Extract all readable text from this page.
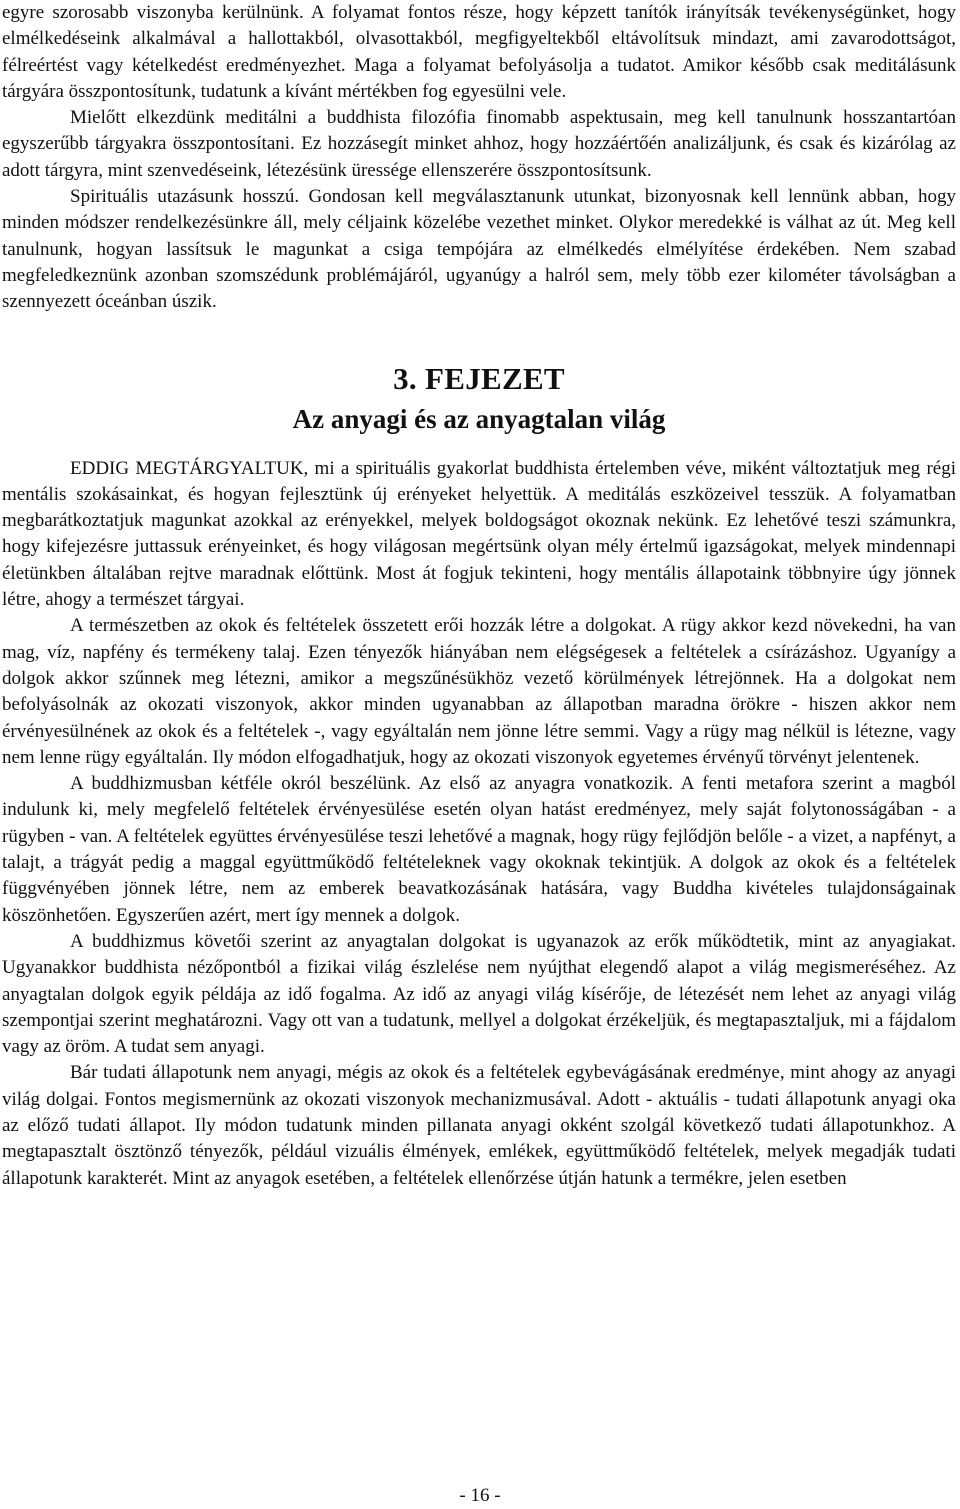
egyre szorosabb viszonyba kerülnünk. A folyamat fontos része, hogy képzett tanítók irányítsák tevékenységünket, hogy elmélkedéseink alkalmával a hallottakból, olvasottakból, megfigyeltekből eltávolítsuk mindazt, ami zavarodottságot, félreértést vagy kételkedést eredményezhet. Maga a folyamat befolyásolja a tudatot. Amikor később csak meditálásunk tárgyára összpontosítunk, tudatunk a kívánt mértékben fog egyesülni vele.

Mielőtt elkezdünk meditálni a buddhista filozófia finomabb aspektusain, meg kell tanulnunk hosszantartóan egyszerűbb tárgyakra összpontosítani. Ez hozzásegít minket ahhoz, hogy hozzáértőén analizáljunk, és csak és kizárólag az adott tárgyra, mint szenvedéseink, létezésünk üressége ellenszerére összpontosítsunk.

Spirituális utazásunk hosszú. Gondosan kell megválasztanunk utunkat, bizonyosnak kell lennünk abban, hogy minden módszer rendelkezésünkre áll, mely céljaink közelébe vezethet minket. Olykor meredekké is válhat az út. Meg kell tanulnunk, hogyan lassítsuk le magunkat a csiga tempójára az elmélkedés elmélyítése érdekében. Nem szabad megfeledkeznünk azonban szomszédunk problémájáról, ugyanúgy a halról sem, mely több ezer kilométer távolságban a szennyezett óceánban úszik.

3. FEJEZET
Az anyagi és az anyagtalan világ

EDDIG MEGTÁRGYALTUK, mi a spirituális gyakorlat buddhista értelemben véve, miként változtatjuk meg régi mentális szokásainkat, és hogyan fejlesztünk új erényeket helyettük. A meditálás eszközeivel tesszük. A folyamatban megbarátkoztatjuk magunkat azokkal az erényekkel, melyek boldogságot okoznak nekünk. Ez lehetővé teszi számunkra, hogy kifejezésre juttassuk erényeinket, és hogy világosan megértsünk olyan mély értelmű igazságokat, melyek mindennapi életünkben általában rejtve maradnak előttünk. Most át fogjuk tekinteni, hogy mentális állapotaink többnyire úgy jönnek létre, ahogy a természet tárgyai.

A természetben az okok és feltételek összetett erői hozzák létre a dolgokat. A rügy akkor kezd növekedni, ha van mag, víz, napfény és termékeny talaj. Ezen tényezők hiányában nem elégségesek a feltételek a csírázáshoz. Ugyanígy a dolgok akkor szűnnek meg létezni, amikor a megszűnésükhöz vezető körülmények létrejönnek. Ha a dolgokat nem befolyásolnák az okozati viszonyok, akkor minden ugyanabban az állapotban maradna örökre - hiszen akkor nem érvényesülnének az okok és a feltételek -, vagy egyáltalán nem jönne létre semmi. Vagy a rügy mag nélkül is létezne, vagy nem lenne rügy egyáltalán. Ily módon elfogadhatjuk, hogy az okozati viszonyok egyetemes érvényű törvényt jelentenek.

A buddhizmusban kétféle okról beszélünk. Az első az anyagra vonatkozik. A fenti metafora szerint a magból indulunk ki, mely megfelelő feltételek érvényesülése esetén olyan hatást eredményez, mely saját folytonosságában - a rügyben - van. A feltételek együttes érvényesülése teszi lehetővé a magnak, hogy rügy fejlődjön belőle - a vizet, a napfényt, a talajt, a trágyát pedig a maggal együttműködő feltételeknek vagy okoknak tekintjük. A dolgok az okok és a feltételek függvényében jönnek létre, nem az emberek beavatkozásának hatására, vagy Buddha kivételes tulajdonságainak köszönhetően. Egyszerűen azért, mert így mennek a dolgok.

A buddhizmus követői szerint az anyagtalan dolgokat is ugyanazok az erők működtetik, mint az anyagiakat. Ugyanakkor buddhista nézőpontból a fizikai világ észlelése nem nyújthat elegendő alapot a világ megismeréséhez. Az anyagtalan dolgok egyik példája az idő fogalma. Az idő az anyagi világ kísérője, de létezését nem lehet az anyagi világ szempontjai szerint meghatározni. Vagy ott van a tudatunk, mellyel a dolgokat érzékeljük, és megtapasztaljuk, mi a fájdalom vagy az öröm. A tudat sem anyagi.

Bár tudati állapotunk nem anyagi, mégis az okok és a feltételek egybevágásának eredménye, mint ahogy az anyagi világ dolgai. Fontos megismernünk az okozati viszonyok mechanizmusával. Adott - aktuális - tudati állapotunk anyagi oka az előző tudati állapot. Ily módon tudatunk minden pillanata anyagi okként szolgál következő tudati állapotunkhoz. A megtapasztalt ösztönző tényezők, például vizuális élmények, emlékek, együttműködő feltételek, melyek megadják tudati állapotunk karakterét. Mint az anyagok esetében, a feltételek ellenőrzése útján hatunk a termékre, jelen esetben

- 16 -
